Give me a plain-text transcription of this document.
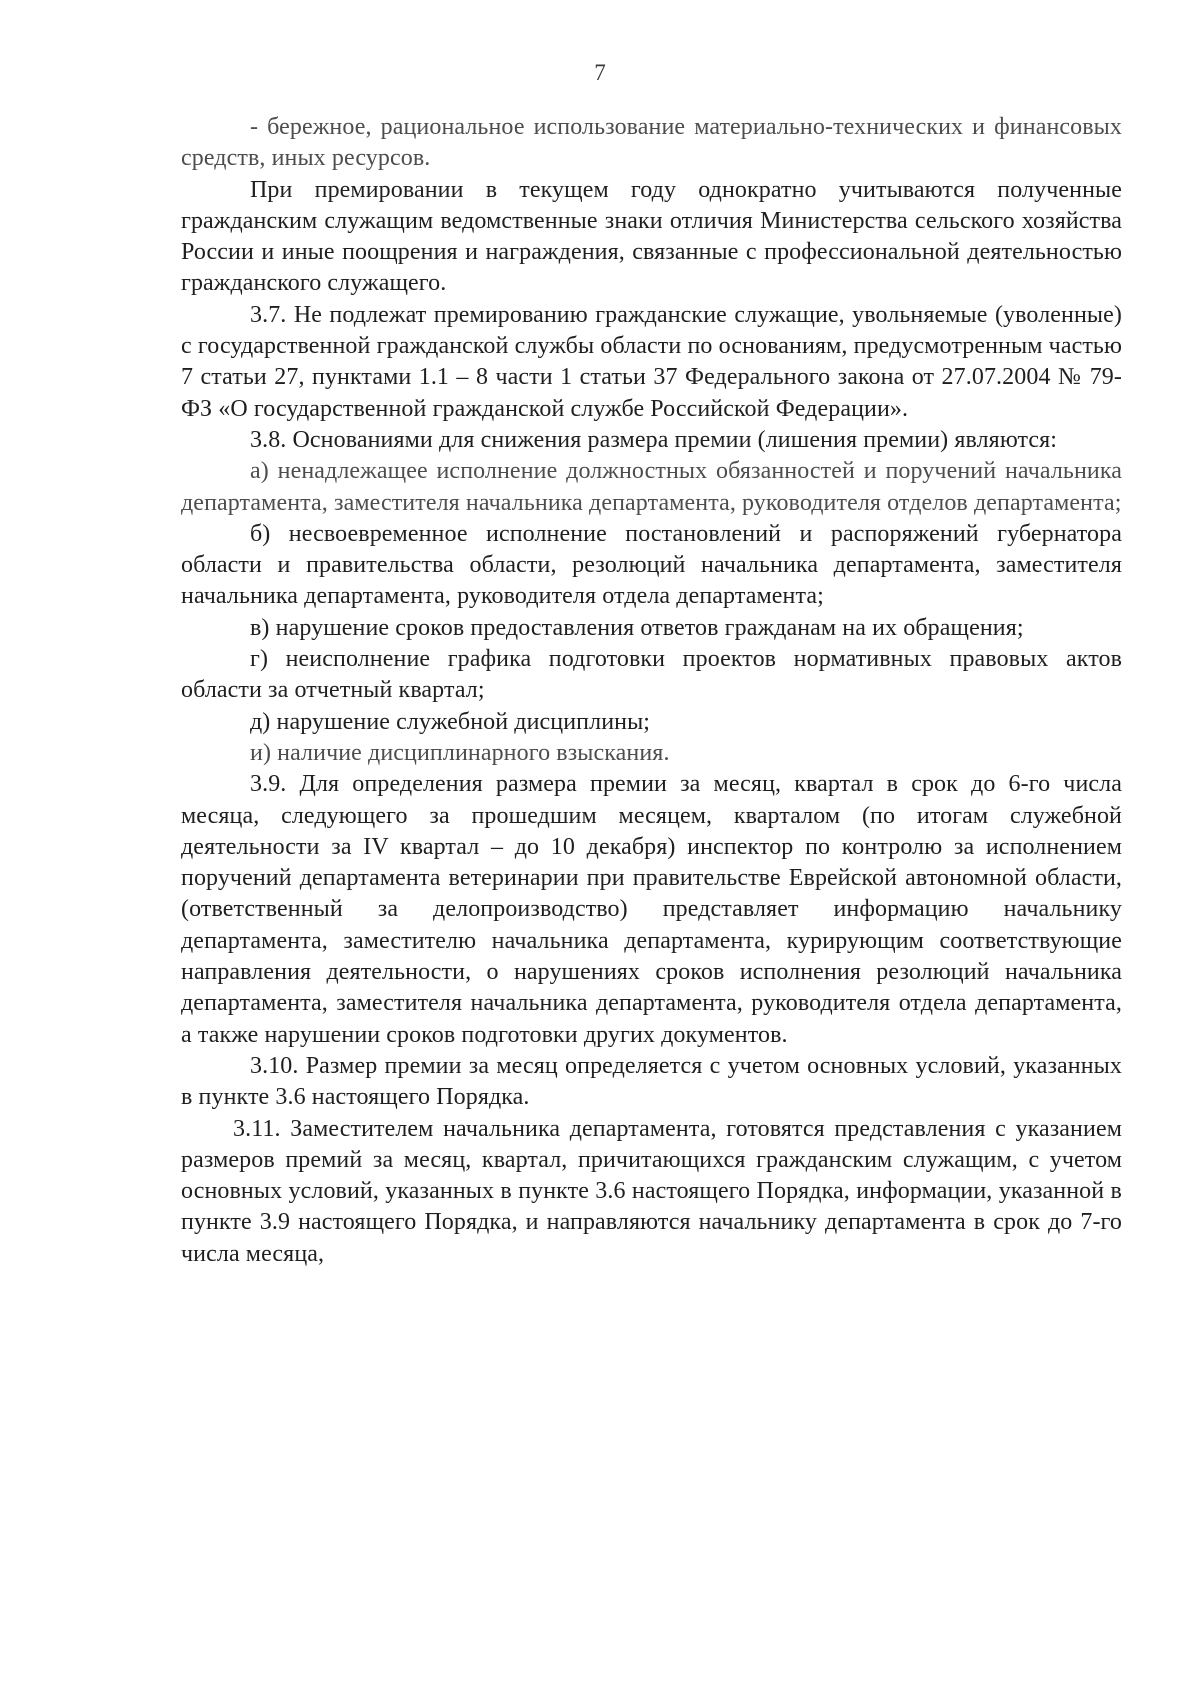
7

- бережное, рациональное использование материально-технических и финансовых средств, иных ресурсов.

При премировании в текущем году однократно учитываются полученные гражданским служащим ведомственные знаки отличия Министерства сельского хозяйства России и иные поощрения и награждения, связанные с профессиональной деятельностью гражданского служащего.

3.7. Не подлежат премированию гражданские служащие, увольняемые (уволенные) с государственной гражданской службы области по основаниям, предусмотренным частью 7 статьи 27, пунктами 1.1 – 8 части 1 статьи 37 Федерального закона от 27.07.2004 № 79-ФЗ «О государственной гражданской службе Российской Федерации».

3.8. Основаниями для снижения размера премии (лишения премии) являются:

а) ненадлежащее исполнение должностных обязанностей и поручений начальника департамента, заместителя начальника департамента, руководителя отделов департамента;

б) несвоевременное исполнение постановлений и распоряжений губернатора области и правительства области, резолюций начальника департамента, заместителя начальника департамента, руководителя отдела департамента;

в) нарушение сроков предоставления ответов гражданам на их обращения;

г) неисполнение графика подготовки проектов нормативных правовых актов области за отчетный квартал;

д) нарушение служебной дисциплины;

и) наличие дисциплинарного взыскания.

3.9. Для определения размера премии за месяц, квартал в срок до 6-го числа месяца, следующего за прошедшим месяцем, кварталом (по итогам служебной деятельности за IV квартал – до 10 декабря) инспектор по контролю за исполнением поручений департамента ветеринарии при правительстве Еврейской автономной области, (ответственный за делопроизводство) представляет информацию начальнику департамента, заместителю начальника департамента, курирующим соответствующие направления деятельности, о нарушениях сроков исполнения резолюций начальника департамента, заместителя начальника департамента, руководителя отдела департамента, а также нарушении сроков подготовки других документов.

3.10. Размер премии за месяц определяется с учетом основных условий, указанных в пункте 3.6 настоящего Порядка.

3.11. Заместителем начальника департамента, готовятся представления с указанием размеров премий за месяц, квартал, причитающихся гражданским служащим, с учетом основных условий, указанных в пункте 3.6 настоящего Порядка, информации, указанной в пункте 3.9 настоящего Порядка, и направляются начальнику департамента в срок до 7-го числа месяца,
